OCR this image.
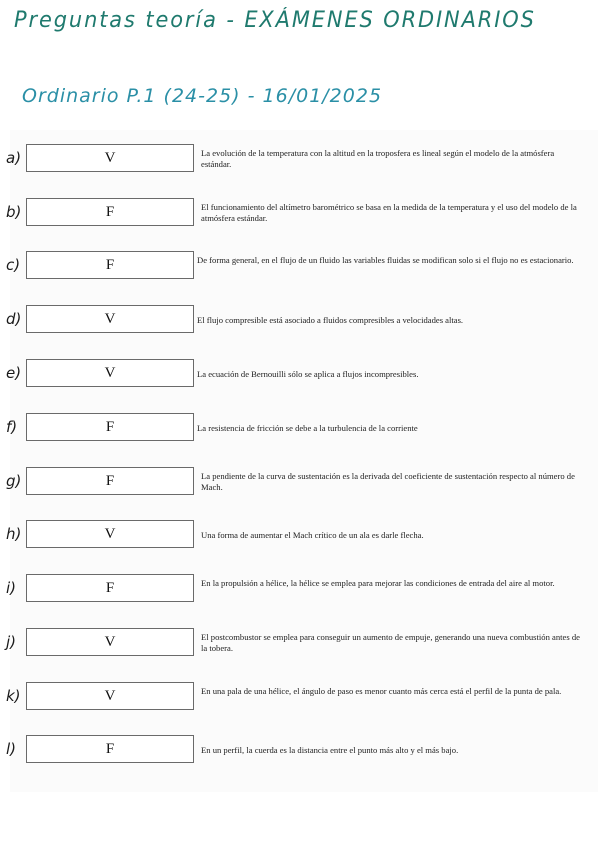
Preguntas teoría - EXÁMENES ORDINARIOS
Ordinario P.1 (24-25) - 16/01/2025
a)	V	La evolución de la temperatura con la altitud en la troposfera es lineal según el modelo de la atmósfera estándar.
b)	F	El funcionamiento del altímetro barométrico se basa en la medida de la temperatura y el uso del modelo de la atmósfera estándar.
c)	F	De forma general, en el flujo de un fluido las variables fluidas se modifican solo si el flujo no es estacionario.
d)	V	El flujo compresible está asociado a fluidos compresibles a velocidades altas.
e)	V	La ecuación de Bernouilli sólo se aplica a flujos incompresibles.
f)	F	La resistencia de fricción se debe a la turbulencia de la corriente
g)	F	La pendiente de la curva de sustentación es la derivada del coeficiente de sustentación respecto al número de Mach.
h)	V	Una forma de aumentar el Mach crítico de un ala es darle flecha.
i)	F	En la propulsión a hélice, la hélice se emplea para mejorar las condiciones de entrada del aire al motor.
j)	V	El postcombustor se emplea para conseguir un aumento de empuje, generando una nueva combustión antes de la tobera.
k)	V	En una pala de una hélice, el ángulo de paso es menor cuanto más cerca está el perfil de la punta de pala.
l)	F	En un perfil, la cuerda es la distancia entre el punto más alto y el más bajo.
